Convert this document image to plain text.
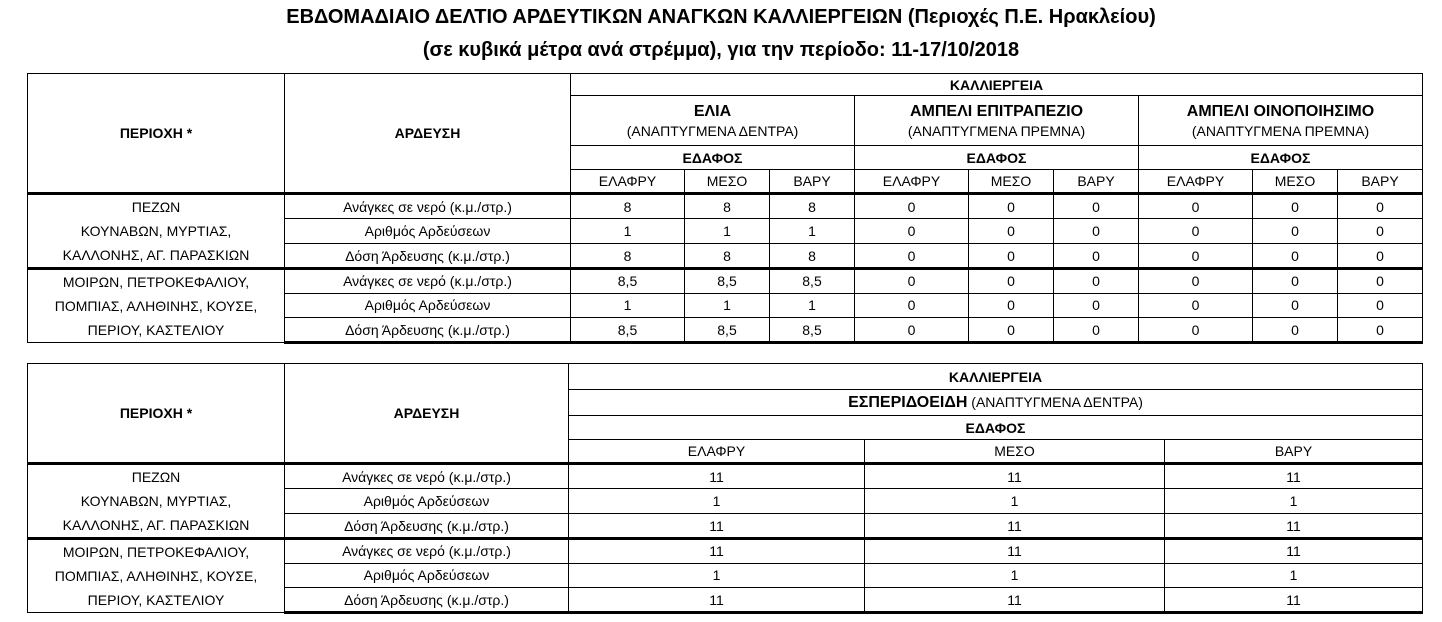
ΕΒΔΟΜΑΔΙΑΙΟ ΔΕΛΤΙΟ ΑΡΔΕΥΤΙΚΩΝ ΑΝΑΓΚΩΝ ΚΑΛΛΙΕΡΓΕΙΩΝ (Περιοχές Π.Ε. Ηρακλείου)
(σε κυβικά μέτρα ανά στρέμμα), για την περίοδο: 11-17/10/2018
ΠΕΡΙΟΧΗ *	ΑΡΔΕΥΣΗ	ΚΑΛΛΙΕΡΓΕΙΑ								

		ΕΛΙΑ
(ΑΝΑΠΤΥΓΜΕΝΑ ΔΕΝΤΡΑ)			ΑΜΠΕΛΙ ΕΠΙΤΡΑΠΕΖΙΟ
(ΑΝΑΠΤΥΓΜΕΝΑ ΠΡΕΜΝΑ)			ΑΜΠΕΛΙ ΟΙΝΟΠΟΙΗΣΙΜΟ
(ΑΝΑΠΤΥΓΜΕΝΑ ΠΡΕΜΝΑ)		

		ΕΔΑΦΟΣ			ΕΔΑΦΟΣ			ΕΔΑΦΟΣ		
		ΕΛΑΦΡΥ	ΜΕΣΟ	ΒΑΡΥ	ΕΛΑΦΡΥ	ΜΕΣΟ	ΒΑΡΥ	ΕΛΑΦΡΥ	ΜΕΣΟ	ΒΑΡΥ

ΠΕΖΩΝ
ΚΟΥΝΑΒΩΝ, ΜΥΡΤΙΑΣ,
ΚΑΛΛΟΝΗΣ, ΑΓ. ΠΑΡΑΣΚΙΩΝ	Ανάγκες σε νερό (κ.μ./στρ.)	8	8	8	0	0	0	0	0	0
	Αριθμός Αρδεύσεων	1	1	1	0	0	0	0	0	0
	Δόση Άρδευσης (κ.μ./στρ.)	8	8	8	0	0	0	0	0	0

ΜΟΙΡΩΝ, ΠΕΤΡΟΚΕΦΑΛΙΟΥ,
ΠΟΜΠΙΑΣ, ΑΛΗΘΙΝΗΣ, ΚΟΥΣΕ,
ΠΕΡΙΟΥ, ΚΑΣΤΕΛΙΟΥ	Ανάγκες σε νερό (κ.μ./στρ.)	8,5	8,5	8,5	0	0	0	0	0	0
	Αριθμός Αρδεύσεων	1	1	1	0	0	0	0	0	0
	Δόση Άρδευσης (κ.μ./στρ.)	8,5	8,5	8,5	0	0	0	0	0	0
ΠΕΡΙΟΧΗ *	ΑΡΔΕΥΣΗ	ΚΑΛΛΙΕΡΓΕΙΑ		
		ΕΣΠΕΡΙΔΟΕΙΔΗ (ΑΝΑΠΤΥΓΜΕΝΑ ΔΕΝΤΡΑ)		
		ΕΔΑΦΟΣ		
		ΕΛΑΦΡΥ	ΜΕΣΟ	ΒΑΡΥ

ΠΕΖΩΝ
ΚΟΥΝΑΒΩΝ, ΜΥΡΤΙΑΣ,
ΚΑΛΛΟΝΗΣ, ΑΓ. ΠΑΡΑΣΚΙΩΝ	Ανάγκες σε νερό (κ.μ./στρ.)	11	11	11
	Αριθμός Αρδεύσεων	1	1	1
	Δόση Άρδευσης (κ.μ./στρ.)	11	11	11

ΜΟΙΡΩΝ, ΠΕΤΡΟΚΕΦΑΛΙΟΥ,
ΠΟΜΠΙΑΣ, ΑΛΗΘΙΝΗΣ, ΚΟΥΣΕ,
ΠΕΡΙΟΥ, ΚΑΣΤΕΛΙΟΥ	Ανάγκες σε νερό (κ.μ./στρ.)	11	11	11
	Αριθμός Αρδεύσεων	1	1	1
	Δόση Άρδευσης (κ.μ./στρ.)	11	11	11
